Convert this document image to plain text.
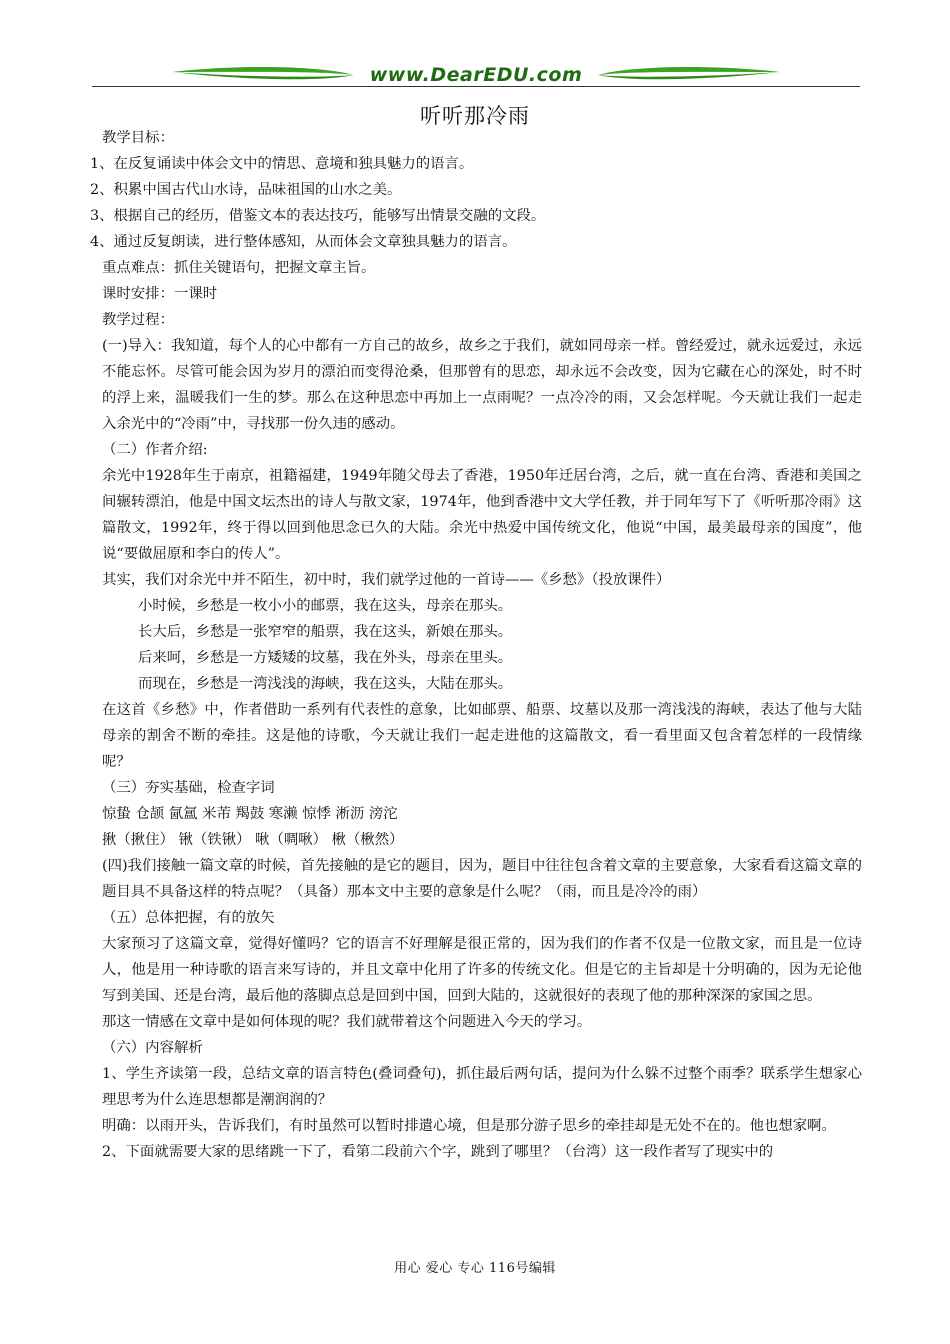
www.DearEDU.com
听听那冷雨

教学目标：

1、在反复诵读中体会文中的情思、意境和独具魅力的语言。

2、积累中国古代山水诗，品味祖国的山水之美。

3、根据自己的经历，借鉴文本的表达技巧，能够写出情景交融的文段。

4、通过反复朗读，进行整体感知，从而体会文章独具魅力的语言。

重点难点：抓住关键语句，把握文章主旨。

课时安排：一课时

教学过程：

(一)导入：我知道，每个人的心中都有一方自己的故乡，故乡之于我们，就如同母亲一样。曾经爱过，就永远爱过，永远不能忘怀。尽管可能会因为岁月的漂泊而变得沧桑，但那曾有的思恋，却永远不会改变，因为它藏在心的深处，时不时的浮上来，温暖我们一生的梦。那么在这种思恋中再加上一点雨呢？一点冷冷的雨，又会怎样呢。今天就让我们一起走入余光中的“冷雨”中，寻找那一份久违的感动。

（二）作者介绍:

余光中1928年生于南京，祖籍福建，1949年随父母去了香港，1950年迁居台湾，之后，就一直在台湾、香港和美国之间辗转漂泊，他是中国文坛杰出的诗人与散文家，1974年，他到香港中文大学任教，并于同年写下了《听听那冷雨》这篇散文，1992年，终于得以回到他思念已久的大陆。余光中热爱中国传统文化，他说“中国，最美最母亲的国度”，他说“要做屈原和李白的传人”。

其实，我们对余光中并不陌生，初中时，我们就学过他的一首诗——《乡愁》（投放课件）

小时候，乡愁是一枚小小的邮票，我在这头，母亲在那头。

长大后，乡愁是一张窄窄的船票，我在这头，新娘在那头。

后来呵，乡愁是一方矮矮的坟墓，我在外头，母亲在里头。

而现在，乡愁是一湾浅浅的海峡，我在这头，大陆在那头。

在这首《乡愁》中，作者借助一系列有代表性的意象，比如邮票、船票、坟墓以及那一湾浅浅的海峡，表达了他与大陆母亲的割舍不断的牵挂。这是他的诗歌，今天就让我们一起走进他的这篇散文，看一看里面又包含着怎样的一段情缘呢？

（三）夯实基础，检查字词

惊蛰 仓颉 氤氲 米芾 羯鼓 寒濑 惊悸 淅沥 滂沱

揪（揪住） 锹（铁锹） 啾（啁啾） 楸（楸然）

(四)我们接触一篇文章的时候，首先接触的是它的题目，因为，题目中往往包含着文章的主要意象，大家看看这篇文章的题目具不具备这样的特点呢？（具备）那本文中主要的意象是什么呢？（雨，而且是冷冷的雨）

（五）总体把握，有的放矢

大家预习了这篇文章，觉得好懂吗？它的语言不好理解是很正常的，因为我们的作者不仅是一位散文家，而且是一位诗人，他是用一种诗歌的语言来写诗的，并且文章中化用了许多的传统文化。但是它的主旨却是十分明确的，因为无论他写到美国、还是台湾，最后他的落脚点总是回到中国，回到大陆的，这就很好的表现了他的那种深深的家国之思。

那这一情感在文章中是如何体现的呢？我们就带着这个问题进入今天的学习。

（六）内容解析

1、学生齐读第一段，总结文章的语言特色(叠词叠句)，抓住最后两句话，提问为什么躲不过整个雨季？联系学生想家心理思考为什么连思想都是潮润润的？

明确：以雨开头，告诉我们，有时虽然可以暂时排遣心境，但是那分游子思乡的牵挂却是无处不在的。他也想家啊。

2、下面就需要大家的思绪跳一下了，看第二段前六个字，跳到了哪里？（台湾）这一段作者写了现实中的

用心 爱心 专心 116号编辑
